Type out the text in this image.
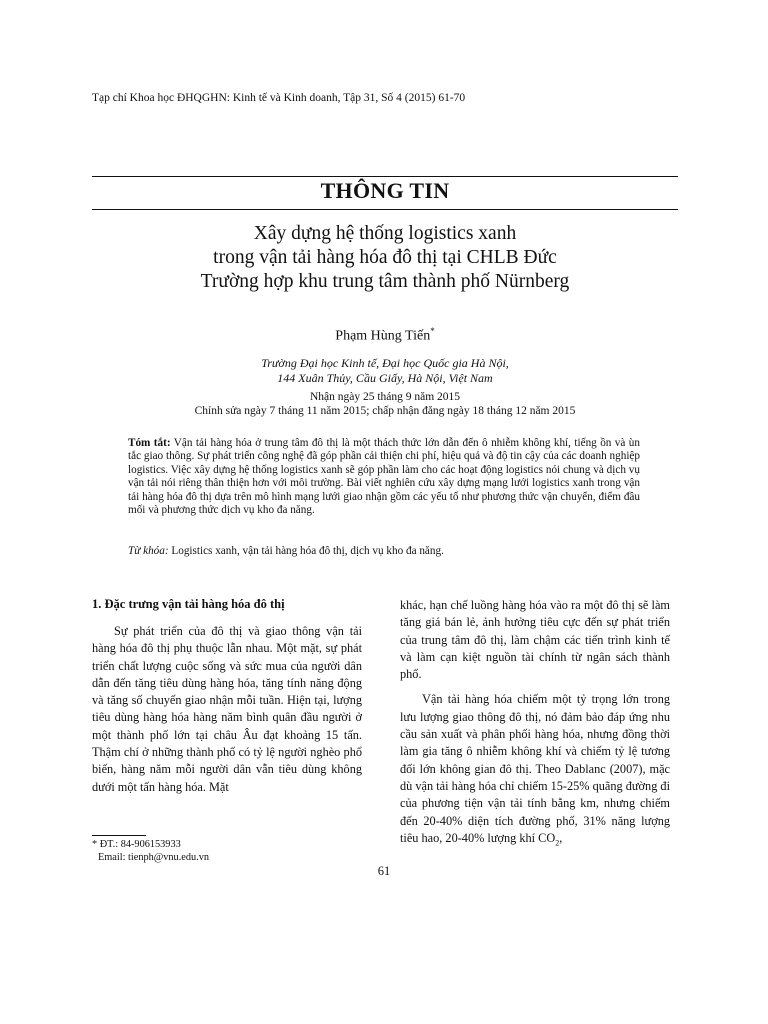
Tạp chí Khoa học ĐHQGHN: Kinh tế và Kinh doanh, Tập 31, Số 4 (2015) 61-70
THÔNG TIN
Xây dựng hệ thống logistics xanh
trong vận tải hàng hóa đô thị tại CHLB Đức
Trường hợp khu trung tâm thành phố Nürnberg
Phạm Hùng Tiến*
Trường Đại học Kinh tế, Đại học Quốc gia Hà Nội,
144 Xuân Thủy, Cầu Giấy, Hà Nội, Việt Nam
Nhận ngày 25 tháng 9 năm 2015
Chỉnh sửa ngày 7 tháng 11 năm 2015; chấp nhận đăng ngày 18 tháng 12 năm 2015
Tóm tắt: Vận tải hàng hóa ở trung tâm đô thị là một thách thức lớn dẫn đến ô nhiễm không khí, tiếng ồn và ùn tắc giao thông. Sự phát triển công nghệ đã góp phần cải thiện chi phí, hiệu quả và độ tin cậy của các doanh nghiệp logistics. Việc xây dựng hệ thống logistics xanh sẽ góp phần làm cho các hoạt động logistics nói chung và dịch vụ vận tải nói riêng thân thiện hơn với môi trường. Bài viết nghiên cứu xây dựng mạng lưới logistics xanh trong vận tải hàng hóa đô thị dựa trên mô hình mạng lưới giao nhận gồm các yếu tố như phương thức vận chuyển, điểm đầu mối và phương thức dịch vụ kho đa năng.
Từ khóa: Logistics xanh, vận tải hàng hóa đô thị, dịch vụ kho đa năng.
1. Đặc trưng vận tải hàng hóa đô thị

Sự phát triển của đô thị và giao thông vận tải hàng hóa đô thị phụ thuộc lẫn nhau. Một mặt, sự phát triển chất lượng cuộc sống và sức mua của người dân dẫn đến tăng tiêu dùng hàng hóa, tăng tính năng động và tăng số chuyến giao nhận mỗi tuần. Hiện tại, lượng tiêu dùng hàng hóa hàng năm bình quân đầu người ở một thành phố lớn tại châu Âu đạt khoảng 15 tấn. Thậm chí ở những thành phố có tỷ lệ người nghèo phổ biến, hàng năm mỗi người dân vẫn tiêu dùng không dưới một tấn hàng hóa. Mặt

khác, hạn chế luồng hàng hóa vào ra một đô thị sẽ làm tăng giá bán lẻ, ảnh hưởng tiêu cực đến sự phát triển của trung tâm đô thị, làm chậm các tiến trình kinh tế và làm cạn kiệt nguồn tài chính từ ngân sách thành phố.

Vận tải hàng hóa chiếm một tỷ trọng lớn trong lưu lượng giao thông đô thị, nó đảm bảo đáp ứng nhu cầu sản xuất và phân phối hàng hóa, nhưng đồng thời làm gia tăng ô nhiễm không khí và chiếm tỷ lệ tương đối lớn không gian đô thị. Theo Dablanc (2007), mặc dù vận tải hàng hóa chỉ chiếm 15-25% quãng đường đi của phương tiện vận tải tính bằng km, nhưng chiếm đến 20-40% diện tích đường phố, 31% năng lượng tiêu hao, 20-40% lượng khí $CO_2$,

* ĐT.: 84-906153933
Email: tienph@vnu.edu.vn
61
